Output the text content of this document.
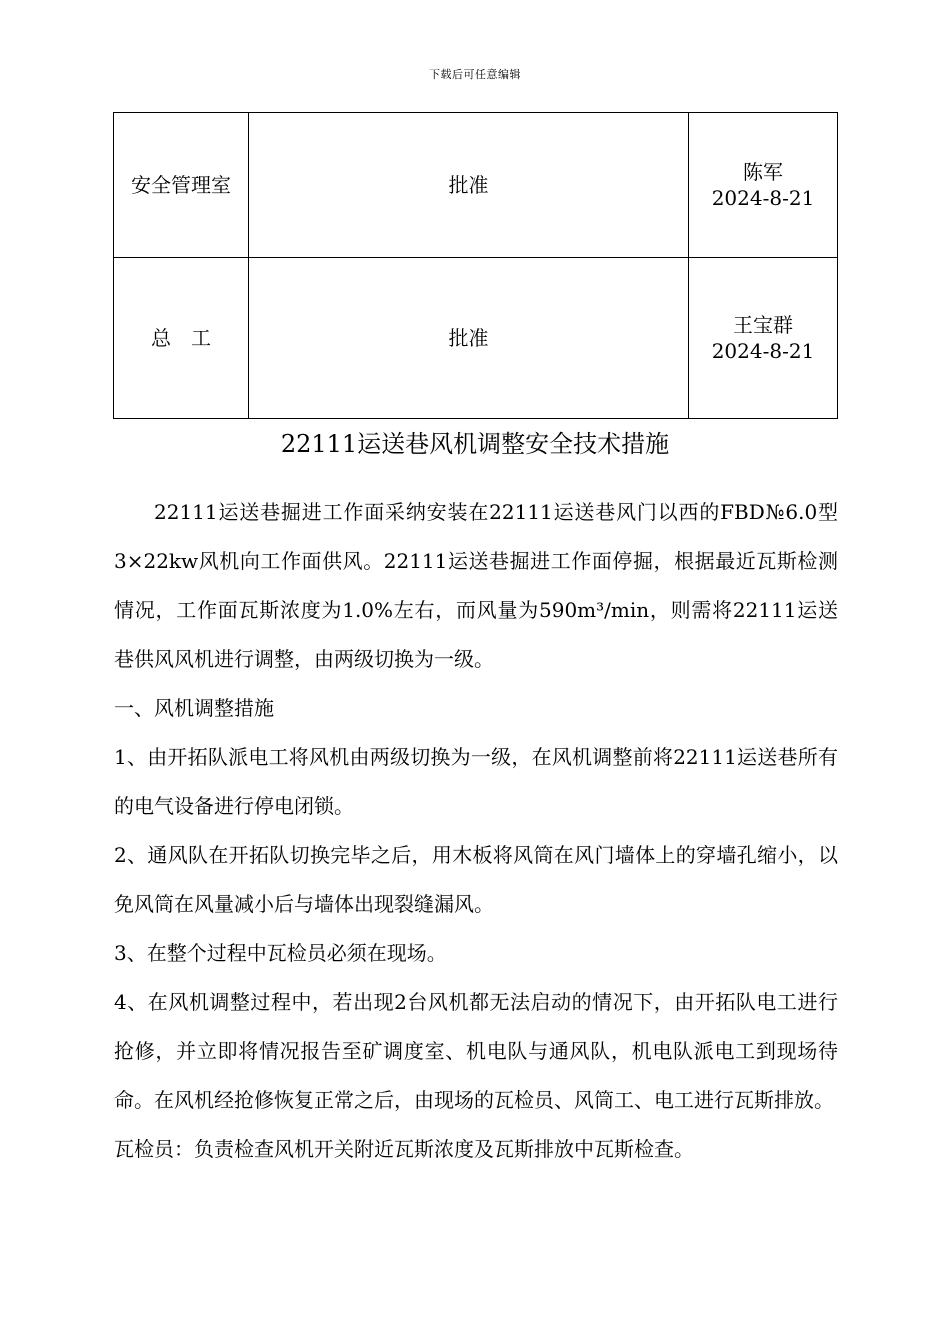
下载后可任意编辑
安全管理室	批准	陈军
2024-8-21

总　工	批准	王宝群
2024-8-21
22111运送巷风机调整安全技术措施

22111运送巷掘进工作面采纳安装在22111运送巷风门以西的FBD№6.0型3×22kw风机向工作面供风。22111运送巷掘进工作面停掘，根据最近瓦斯检测情况，工作面瓦斯浓度为1.0%左右，而风量为590m³/min，则需将22111运送巷供风风机进行调整，由两级切换为一级。

一、风机调整措施

1、由开拓队派电工将风机由两级切换为一级，在风机调整前将22111运送巷所有的电气设备进行停电闭锁。

2、通风队在开拓队切换完毕之后，用木板将风筒在风门墙体上的穿墙孔缩小，以免风筒在风量减小后与墙体出现裂缝漏风。

3、在整个过程中瓦检员必须在现场。

4、在风机调整过程中，若出现2台风机都无法启动的情况下，由开拓队电工进行抢修，并立即将情况报告至矿调度室、机电队与通风队，机电队派电工到现场待命。在风机经抢修恢复正常之后，由现场的瓦检员、风筒工、电工进行瓦斯排放。

瓦检员：负责检查风机开关附近瓦斯浓度及瓦斯排放中瓦斯检查。
